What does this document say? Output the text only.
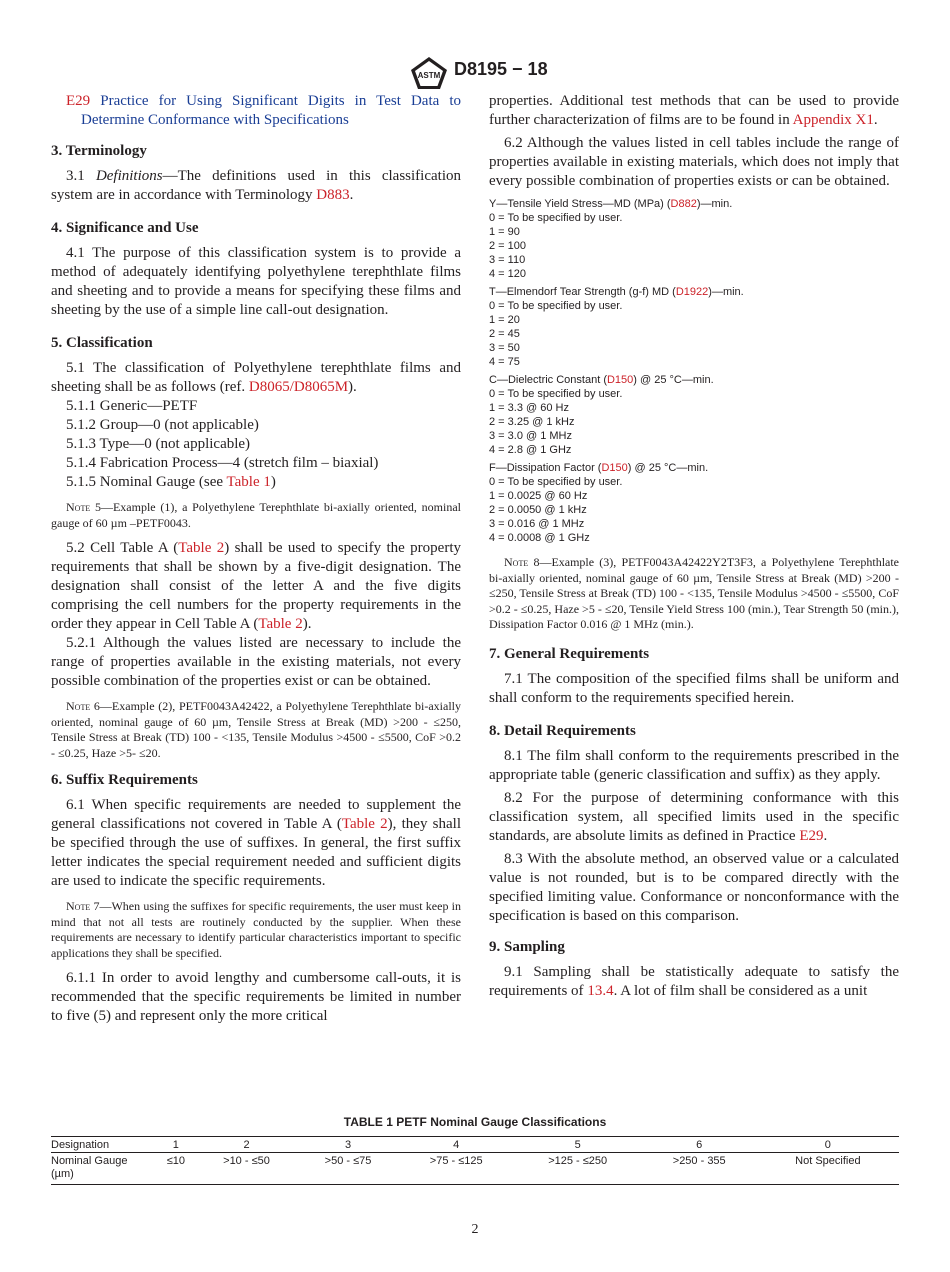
ASTM D8195 − 18

E29 Practice for Using Significant Digits in Test Data to Determine Conformance with Specifications

3. Terminology

3.1 Definitions—The definitions used in this classification system are in accordance with Terminology D883.

4. Significance and Use

4.1 The purpose of this classification system is to provide a method of adequately identifying polyethylene terephthlate films and sheeting and to provide a means for specifying these films and sheeting by the use of a simple line call-out designation.

5. Classification

5.1 The classification of Polyethylene terephthlate films and sheeting shall be as follows (ref. D8065/D8065M).

5.1.1 Generic—PETF

5.1.2 Group—0 (not applicable)

5.1.3 Type—0 (not applicable)

5.1.4 Fabrication Process—4 (stretch film – biaxial)

5.1.5 Nominal Gauge (see Table 1)

Note 5—Example (1), a Polyethylene Terephthlate bi-axially oriented, nominal gauge of 60 µm –PETF0043.

5.2 Cell Table A (Table 2) shall be used to specify the property requirements that shall be shown by a five-digit designation. The designation shall consist of the letter A and the five digits comprising the cell numbers for the property requirements in the order they appear in Cell Table A (Table 2).

5.2.1 Although the values listed are necessary to include the range of properties available in the existing materials, not every possible combination of the properties exist or can be obtained.

Note 6—Example (2), PETF0043A42422, a Polyethylene Terephthlate bi-axially oriented, nominal gauge of 60 µm, Tensile Stress at Break (MD) >200 - ≤250, Tensile Stress at Break (TD) 100 - <135, Tensile Modulus >4500 - ≤5500, CoF >0.2 - ≤0.25, Haze >5- ≤20.

6. Suffix Requirements

6.1 When specific requirements are needed to supplement the general classifications not covered in Table A (Table 2), they shall be specified through the use of suffixes. In general, the first suffix letter indicates the special requirement needed and sufficient digits are used to indicate the specific requirements.

Note 7—When using the suffixes for specific requirements, the user must keep in mind that not all tests are routinely conducted by the supplier. When these requirements are necessary to identify particular characteristics important to specific applications they shall be specified.

6.1.1 In order to avoid lengthy and cumbersome call-outs, it is recommended that the specific requirements be limited in number to five (5) and represent only the more critical

properties. Additional test methods that can be used to provide further characterization of films are to be found in Appendix X1.

6.2 Although the values listed in cell tables include the range of properties available in existing materials, which does not imply that every possible combination of properties exists or can be obtained.

Y—Tensile Yield Stress—MD (MPa) (D882)—min.
0 = To be specified by user.
1 = 90
2 = 100
3 = 110
4 = 120
T—Elmendorf Tear Strength (g-f) MD (D1922)—min.
0 = To be specified by user.
1 = 20
2 = 45
3 = 50
4 = 75
C—Dielectric Constant (D150) @ 25 °C—min.
0 = To be specified by user.
1 = 3.3 @ 60 Hz
2 = 3.25 @ 1 kHz
3 = 3.0 @ 1 MHz
4 = 2.8 @ 1 GHz
F—Dissipation Factor (D150) @ 25 °C—min.
0 = To be specified by user.
1 = 0.0025 @ 60 Hz
2 = 0.0050 @ 1 kHz
3 = 0.016 @ 1 MHz
4 = 0.0008 @ 1 GHz

Note 8—Example (3), PETF0043A42422Y2T3F3, a Polyethylene Terephthlate bi-axially oriented, nominal gauge of 60 µm, Tensile Stress at Break (MD) >200 - ≤250, Tensile Stress at Break (TD) 100 - <135, Tensile Modulus >4500 - ≤5500, CoF >0.2 - ≤0.25, Haze >5 - ≤20, Tensile Yield Stress 100 (min.), Tear Strength 50 (min.), Dissipation Factor 0.016 @ 1 MHz (min.).

7. General Requirements

7.1 The composition of the specified films shall be uniform and shall conform to the requirements specified herein.

8. Detail Requirements

8.1 The film shall conform to the requirements prescribed in the appropriate table (generic classification and suffix) as they apply.

8.2 For the purpose of determining conformance with this classification system, all specified limits used in the specific standards, are absolute limits as defined in Practice E29.

8.3 With the absolute method, an observed value or a calculated value is not rounded, but is to be compared directly with the specified limiting value. Conformance or nonconformance with the specification is based on this comparison.

9. Sampling

9.1 Sampling shall be statistically adequate to satisfy the requirements of 13.4. A lot of film shall be considered as a unit

TABLE 1 PETF Nominal Gauge Classifications
Designation	1	2	3	4	5	6	0
Nominal Gauge
(µm)	≤10	>10 - ≤50	>50 - ≤75	>75 - ≤125	>125 - ≤250	>250 - 355	Not Specified
2
